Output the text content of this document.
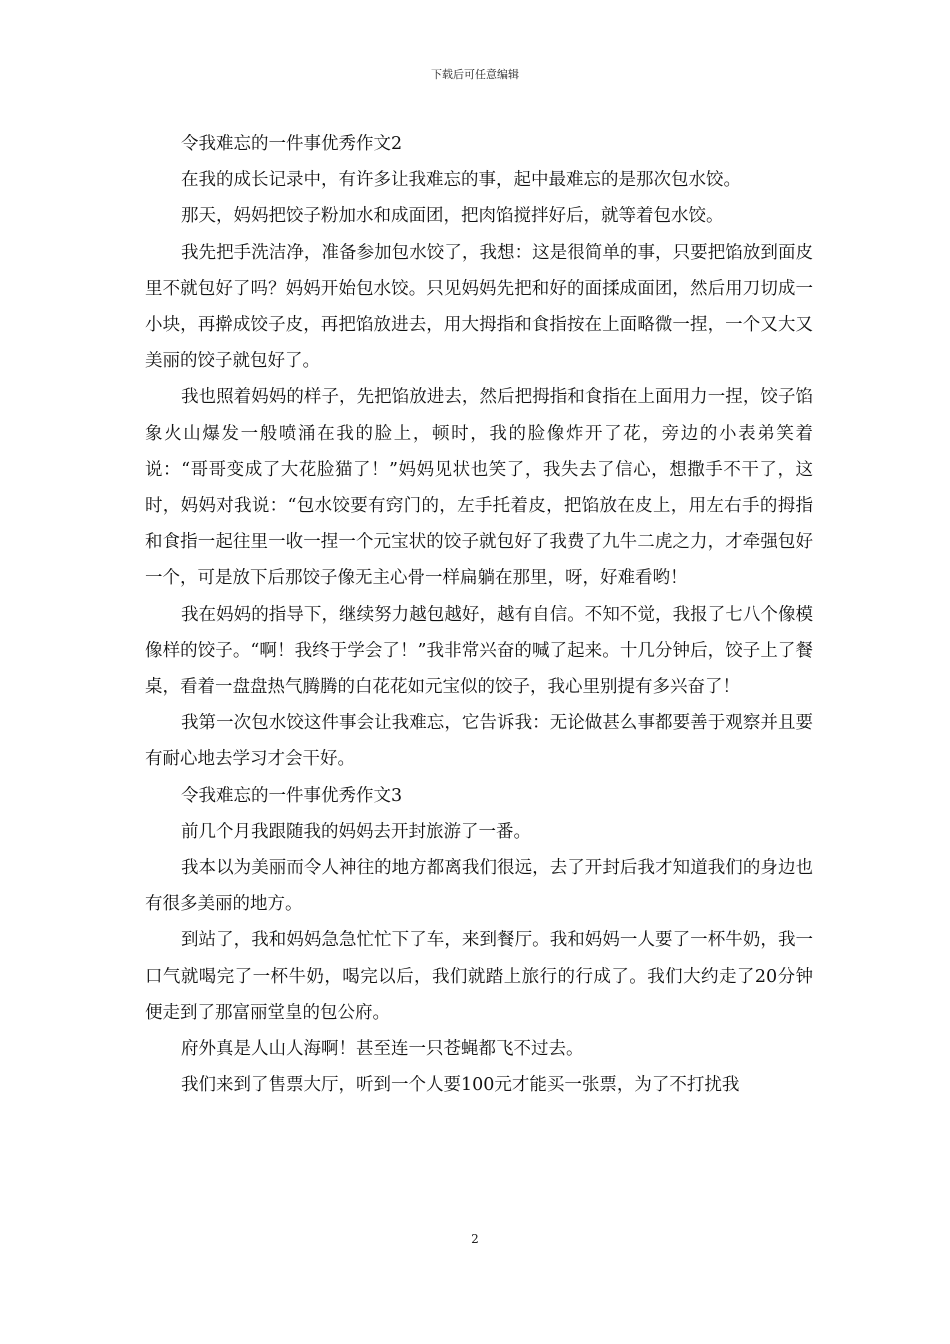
下载后可任意编辑

令我难忘的一件事优秀作文2

在我的成长记录中，有许多让我难忘的事，起中最难忘的是那次包水饺。

那天，妈妈把饺子粉加水和成面团，把肉馅搅拌好后，就等着包水饺。

我先把手洗洁净，准备参加包水饺了，我想：这是很简单的事，只要把馅放到面皮里不就包好了吗？妈妈开始包水饺。只见妈妈先把和好的面揉成面团，然后用刀切成一小块，再擀成饺子皮，再把馅放进去，用大拇指和食指按在上面略微一捏，一个又大又美丽的饺子就包好了。

我也照着妈妈的样子，先把馅放进去，然后把拇指和食指在上面用力一捏，饺子馅象火山爆发一般喷涌在我的脸上，顿时，我的脸像炸开了花，旁边的小表弟笑着说：“哥哥变成了大花脸猫了！”妈妈见状也笑了，我失去了信心，想撒手不干了，这时，妈妈对我说：“包水饺要有窍门的，左手托着皮，把馅放在皮上，用左右手的拇指和食指一起往里一收一捏一个元宝状的饺子就包好了我费了九牛二虎之力，才牵强包好一个，可是放下后那饺子像无主心骨一样扁躺在那里，呀，好难看哟！

我在妈妈的指导下，继续努力越包越好，越有自信。不知不觉，我报了七八个像模像样的饺子。“啊！我终于学会了！”我非常兴奋的喊了起来。十几分钟后，饺子上了餐桌，看着一盘盘热气腾腾的白花花如元宝似的饺子，我心里别提有多兴奋了！

我第一次包水饺这件事会让我难忘，它告诉我：无论做甚么事都要善于观察并且要有耐心地去学习才会干好。

令我难忘的一件事优秀作文3

前几个月我跟随我的妈妈去开封旅游了一番。

我本以为美丽而令人神往的地方都离我们很远，去了开封后我才知道我们的身边也有很多美丽的地方。

到站了，我和妈妈急急忙忙下了车，来到餐厅。我和妈妈一人要了一杯牛奶，我一口气就喝完了一杯牛奶，喝完以后，我们就踏上旅行的行成了。我们大约走了20分钟便走到了那富丽堂皇的包公府。

府外真是人山人海啊！甚至连一只苍蝇都飞不过去。

我们来到了售票大厅，听到一个人要100元才能买一张票，为了不打扰我

2
